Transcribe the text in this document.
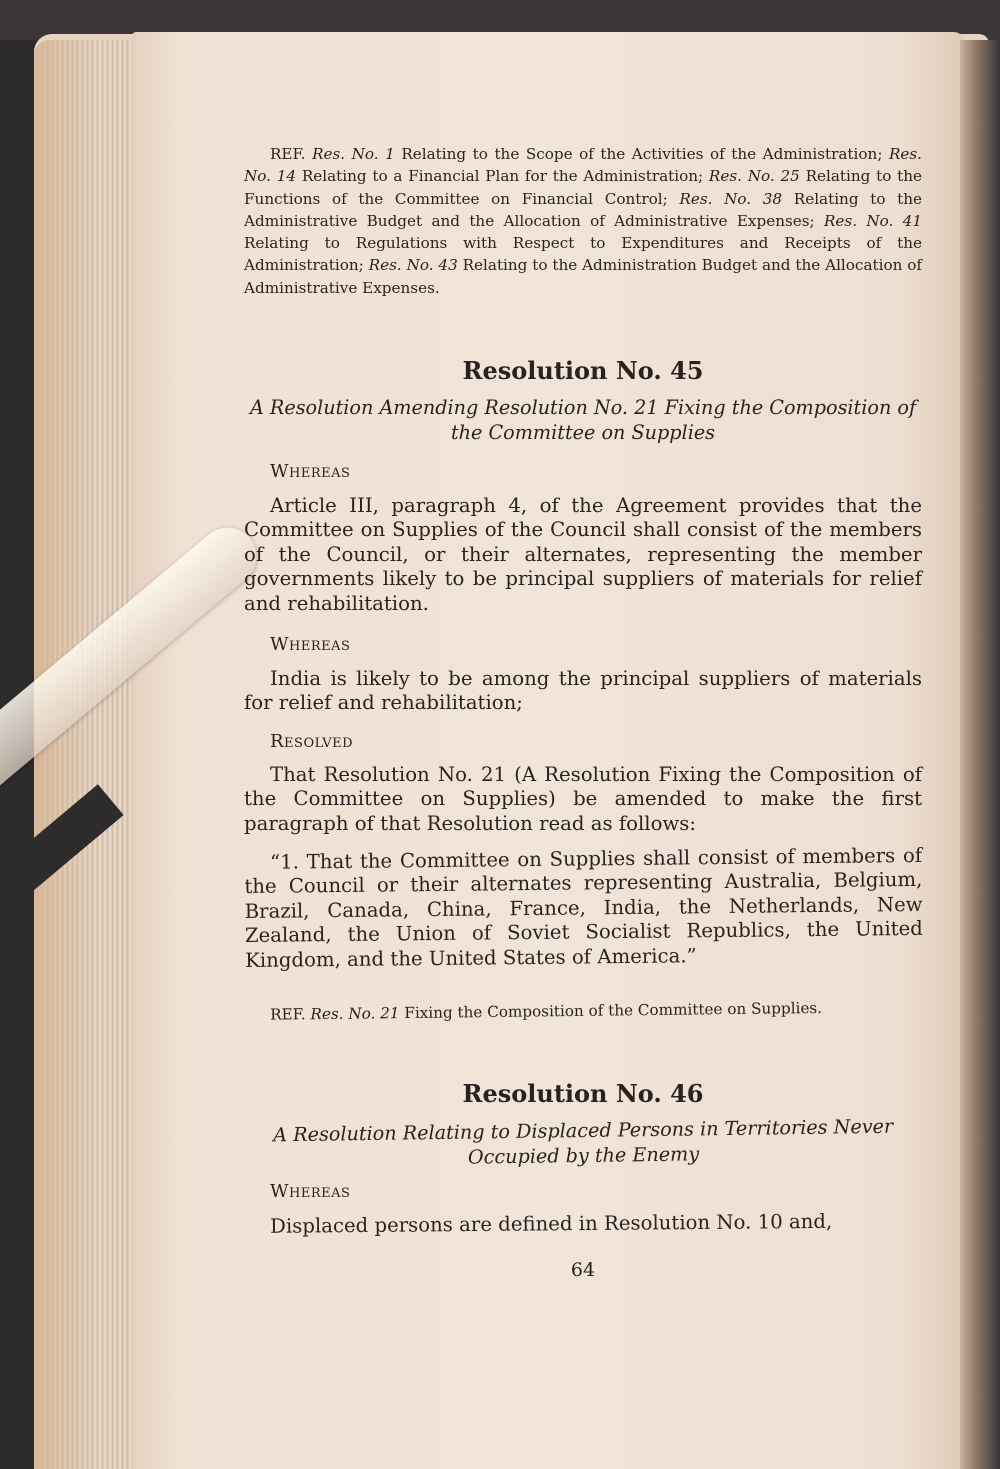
REF. Res. No. 1 Relating to the Scope of the Activities of the Administration; Res. No. 14 Relating to a Financial Plan for the Administration; Res. No. 25 Relating to the Functions of the Committee on Financial Control; Res. No. 38 Relating to the Administrative Budget and the Allocation of Administrative Expenses; Res. No. 41 Relating to Regulations with Respect to Expenditures and Receipts of the Administration; Res. No. 43 Relating to the Administration Budget and the Allocation of Administrative Expenses.

Resolution No. 45
A Resolution Amending Resolution No. 21 Fixing the Composition of the Committee on Supplies
Whereas

Article III, paragraph 4, of the Agreement provides that the Committee on Supplies of the Council shall consist of the members of the Council, or their alternates, representing the member governments likely to be principal suppliers of materials for relief and rehabilitation.

Whereas

India is likely to be among the principal suppliers of materials for relief and rehabilitation;

Resolved

That Resolution No. 21 (A Resolution Fixing the Composition of the Committee on Supplies) be amended to make the first paragraph of that Resolution read as follows:

“1. That the Committee on Supplies shall consist of members of the Council or their alternates representing Australia, Belgium, Brazil, Canada, China, France, India, the Netherlands, New Zealand, the Union of Soviet Socialist Republics, the United Kingdom, and the United States of America.”

REF. Res. No. 21 Fixing the Composition of the Committee on Supplies.

Resolution No. 46
A Resolution Relating to Displaced Persons in Territories Never Occupied by the Enemy
Whereas

Displaced persons are defined in Resolution No. 10 and,

64
